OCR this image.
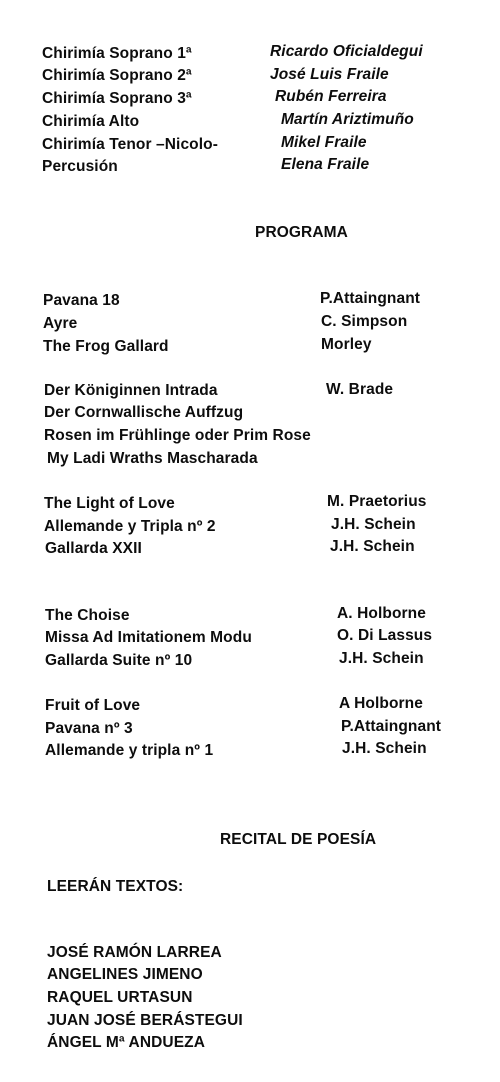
Chirimía Soprano 1ª	Ricardo Oficialdegui
Chirimía Soprano 2ª	José Luis Fraile
Chirimía Soprano 3ª	Rubén Ferreira
Chirimía Alto	Martín Ariztimuño
Chirimía Tenor –Nicolo-	Mikel Fraile
Percusión	Elena Fraile
PROGRAMA
Pavana 18	P.Attaingnant
Ayre	C. Simpson
The Frog Gallard	Morley
Der Königinnen Intrada	W. Brade
Der Cornwallische Auffzug
Rosen im Frühlinge oder Prim Rose
My Ladi Wraths Mascharada
The Light of Love	M. Praetorius
Allemande y Tripla nº 2	J.H. Schein
Gallarda XXII	J.H. Schein
The Choise	A. Holborne
Missa Ad Imitationem Modu	O. Di Lassus
Gallarda Suite nº 10	J.H. Schein
Fruit of Love	A Holborne
Pavana nº 3	P.Attaingnant
Allemande y tripla nº 1	J.H. Schein
RECITAL DE POESÍA
LEERÁN TEXTOS:
JOSÉ RAMÓN LARREA
ANGELINES JIMENO
RAQUEL URTASUN
JUAN JOSÉ BERÁSTEGUI
ÁNGEL Mª ANDUEZA
